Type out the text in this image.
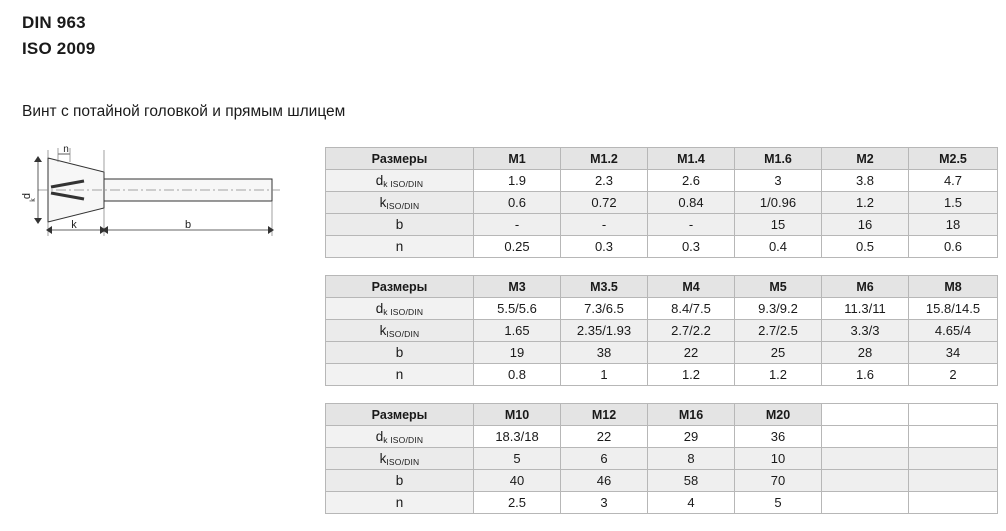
DIN 963
ISO 2009
Винт с потайной головкой и прямым шлицем
d
k
k	b
n
Размеры	M1	M1.2	M1.4	M1.6	M2	M2.5
dk ISO/DIN	1.9	2.3	2.6	3	3.8	4.7
kISO/DIN	0.6	0.72	0.84	1/0.96	1.2	1.5
b	-	-	-	15	16	18
n	0.25	0.3	0.3	0.4	0.5	0.6
Размеры	M3	M3.5	M4	M5	M6	M8
dk ISO/DIN	5.5/5.6	7.3/6.5	8.4/7.5	9.3/9.2	11.3/11	15.8/14.5
kISO/DIN	1.65	2.35/1.93	2.7/2.2	2.7/2.5	3.3/3	4.65/4
b	19	38	22	25	28	34
n	0.8	1	1.2	1.2	1.6	2
Размеры	M10	M12	M16	M20		
dk ISO/DIN	18.3/18	22	29	36		
kISO/DIN	5	6	8	10		
b	40	46	58	70		
n	2.5	3	4	5		
